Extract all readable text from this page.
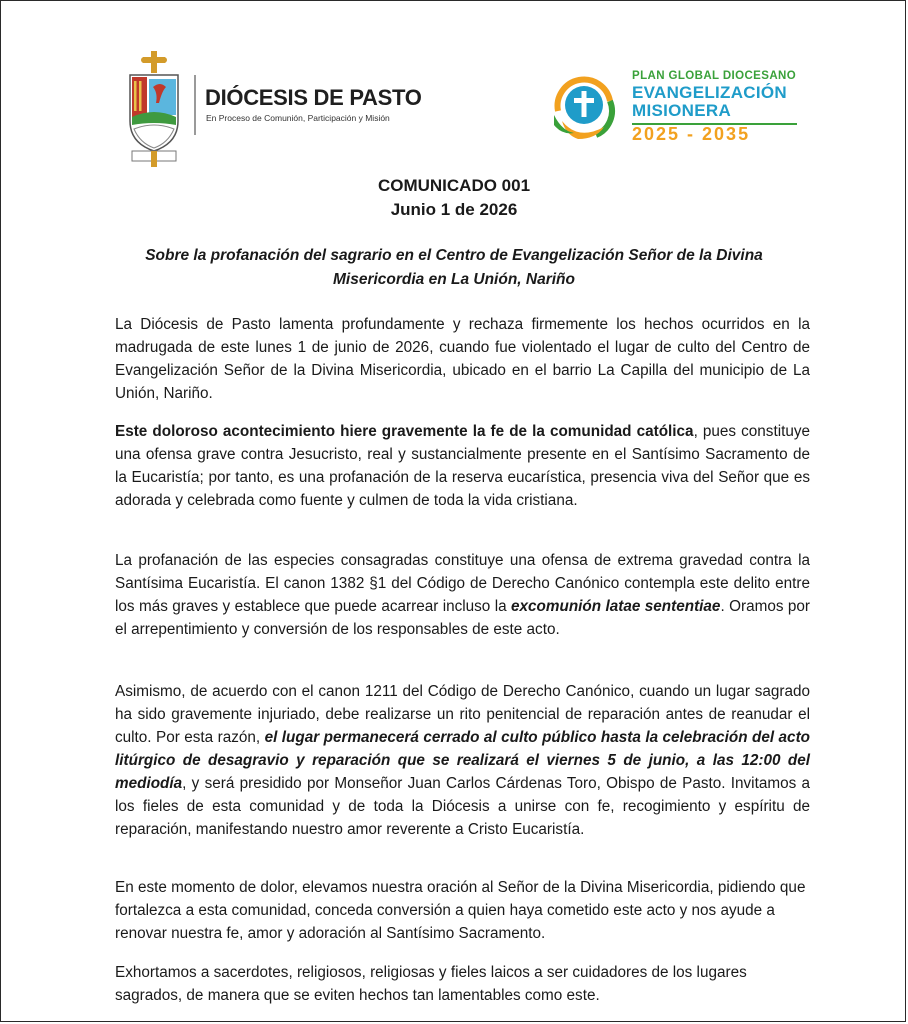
DIÓCESIS DE PASTO
En Proceso de Comunión, Participación y Misión
PLAN GLOBAL DIOCESANO
EVANGELIZACIÓN
MISIONERA
2025 - 2035
COMUNICADO 001
Junio 1 de 2026
Sobre la profanación del sagrario en el Centro de Evangelización Señor de la Divina Misericordia en La Unión, Nariño

La Diócesis de Pasto lamenta profundamente y rechaza firmemente los hechos ocurridos en la madrugada de este lunes 1 de junio de 2026, cuando fue violentado el lugar de culto del Centro de Evangelización Señor de la Divina Misericordia, ubicado en el barrio La Capilla del municipio de La Unión, Nariño.

Este doloroso acontecimiento hiere gravemente la fe de la comunidad católica, pues constituye una ofensa grave contra Jesucristo, real y sustancialmente presente en el Santísimo Sacramento de la Eucaristía; por tanto, es una profanación de la reserva eucarística, presencia viva del Señor que es adorada y celebrada como fuente y culmen de toda la vida cristiana.

La profanación de las especies consagradas constituye una ofensa de extrema gravedad contra la Santísima Eucaristía. El canon 1382 §1 del Código de Derecho Canónico contempla este delito entre los más graves y establece que puede acarrear incluso la excomunión latae sententiae. Oramos por el arrepentimiento y conversión de los responsables de este acto.

Asimismo, de acuerdo con el canon 1211 del Código de Derecho Canónico, cuando un lugar sagrado ha sido gravemente injuriado, debe realizarse un rito penitencial de reparación antes de reanudar el culto. Por esta razón, el lugar permanecerá cerrado al culto público hasta la celebración del acto litúrgico de desagravio y reparación que se realizará el viernes 5 de junio, a las 12:00 del mediodía, y será presidido por Monseñor Juan Carlos Cárdenas Toro, Obispo de Pasto. Invitamos a los fieles de esta comunidad y de toda la Diócesis a unirse con fe, recogimiento y espíritu de reparación, manifestando nuestro amor reverente a Cristo Eucaristía.

En este momento de dolor, elevamos nuestra oración al Señor de la Divina Misericordia, pidiendo que fortalezca a esta comunidad, conceda conversión a quien haya cometido este acto y nos ayude a renovar nuestra fe, amor y adoración al Santísimo Sacramento.

Exhortamos a sacerdotes, religiosos, religiosas y fieles laicos a ser cuidadores de los lugares sagrados, de manera que se eviten hechos tan lamentables como este.
